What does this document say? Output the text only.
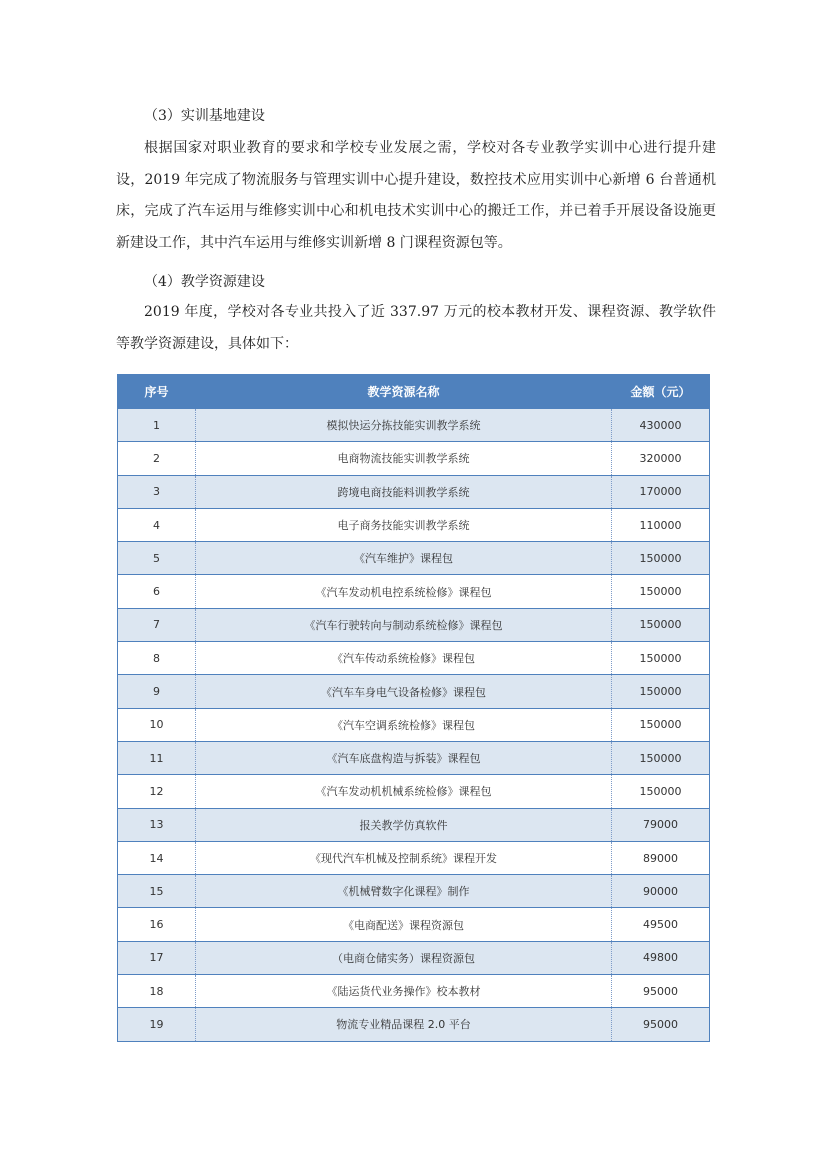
（3）实训基地建设

根据国家对职业教育的要求和学校专业发展之需，学校对各专业教学实训中心进行提升建设，2019 年完成了物流服务与管理实训中心提升建设，数控技术应用实训中心新增 6 台普通机床，完成了汽车运用与维修实训中心和机电技术实训中心的搬迁工作，并已着手开展设备设施更新建设工作，其中汽车运用与维修实训新增 8 门课程资源包等。

（4）教学资源建设

2019 年度，学校对各专业共投入了近 337.97 万元的校本教材开发、课程资源、教学软件等教学资源建设，具体如下：

序号	教学资源名称	金额（元）
1	模拟快运分拣技能实训教学系统	430000
2	电商物流技能实训教学系统	320000
3	跨境电商技能料训教学系统	170000
4	电子商务技能实训教学系统	110000
5	《汽车维护》课程包	150000
6	《汽车发动机电控系统检修》课程包	150000
7	《汽车行驶转向与制动系统检修》课程包	150000
8	《汽车传动系统检修》课程包	150000
9	《汽车车身电气设备检修》课程包	150000
10	《汽车空调系统检修》课程包	150000
11	《汽车底盘构造与拆装》课程包	150000
12	《汽车发动机机械系统检修》课程包	150000
13	报关教学仿真软件	79000
14	《现代汽车机械及控制系统》课程开发	89000
15	《机械臂数字化课程》制作	90000
16	《电商配送》课程资源包	49500
17	（电商仓储实务）课程资源包	49800
18	《陆运货代业务操作》校本教材	95000
19	物流专业精品课程 2.0 平台	95000
